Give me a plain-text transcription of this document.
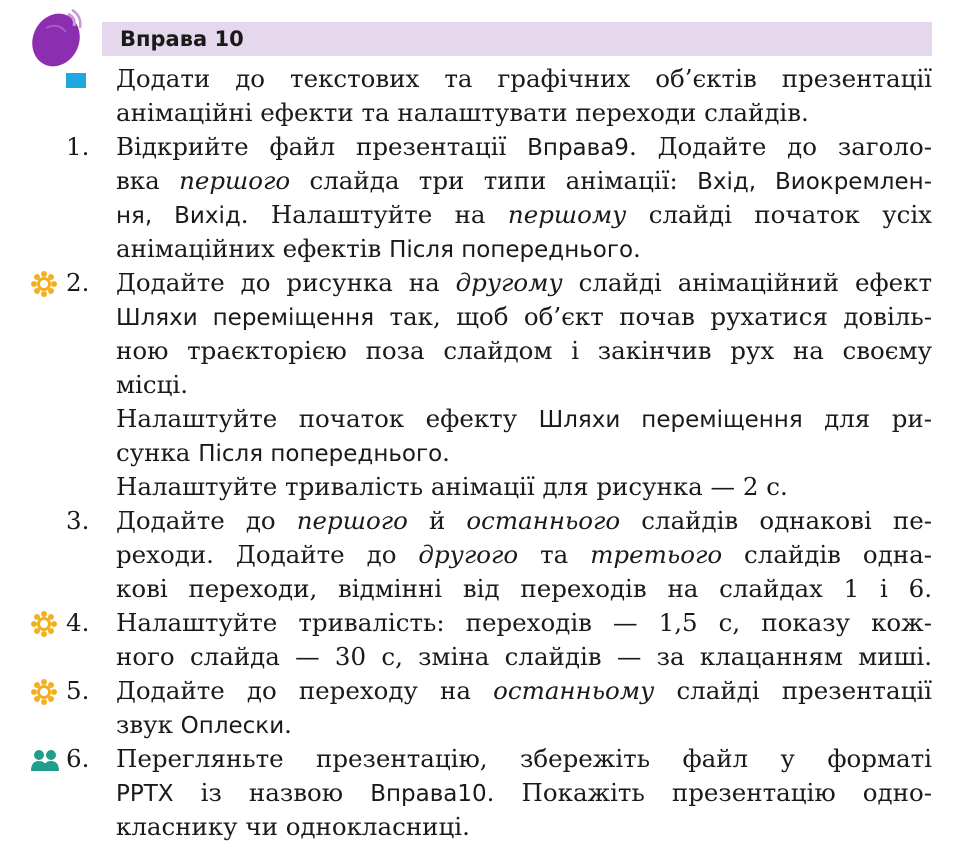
Вправа 10
Додати до текстових та графічних об’єктів презентації
анімаційні ефекти та налаштувати переходи слайдів.
1.	Відкрийте файл презентації Вправа9. Додайте до заголо-
вка першого слайда три типи анімації: Вхід, Виокремлен-
ня, Вихід. Налаштуйте на першому слайді початок усіх
анімаційних ефектів Після попереднього.
2.	Додайте до рисунка на другому слайді анімаційний ефект
Шляхи переміщення так, щоб об’єкт почав рухатися довіль-
ною траєкторією поза слайдом і закінчив рух на своєму
місці.
Налаштуйте початок ефекту Шляхи переміщення для ри-
сунка Після попереднього.
Налаштуйте тривалість анімації для рисунка — 2 с.
3.	Додайте до першого й останнього слайдів однакові пе-
реходи. Додайте до другого та третього слайдів одна-
кові переходи, відмінні від переходів на слайдах 1 і 6.
4.	Налаштуйте тривалість: переходів — 1,5 с, показу кож-
ного слайда — 30 с, зміна слайдів — за клацанням миші.
5.	Додайте до переходу на останньому слайді презентації
звук Оплески.
6.	Перегляньте презентацію, збережіть файл у форматі
PPTX із назвою Вправа10. Покажіть презентацію одно-
класнику чи однокласниці.
